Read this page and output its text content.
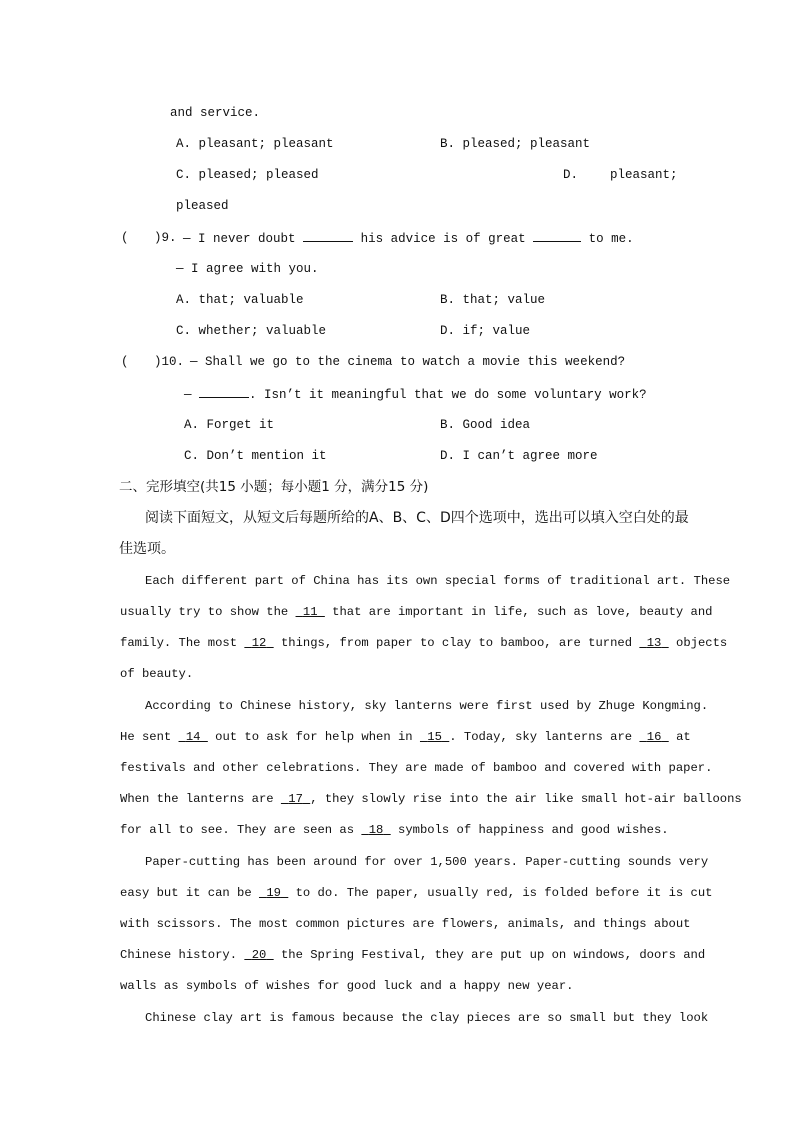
and service.
A. pleasant; pleasant	B. pleased; pleasant
C. pleased; pleased	D.	pleasant;
pleased
( )9. — I never doubt	his advice is of great	to me.
— I agree with you.
A. that; valuable	B. that; value
C. whether; valuable	D. if; value
( )10. — Shall we go to the cinema to watch a movie this weekend?
—	. Isn’t it meaningful that we do some voluntary work?
A. Forget it	B. Good idea
C. Don’t mention it	D. I can’t agree more
二、完形填空(共15 小题；每小题1 分，满分15 分)
阅读下面短文，从短文后每题所给的A、B、C、D四个选项中，选出可以填入空白处的最
佳选项。
Each different part of China has its own special forms of traditional art. These
usually try to show the 11 that are important in life, such as love, beauty and
family. The most 12 things, from paper to clay to bamboo, are turned 13 objects
of beauty.
According to Chinese history, sky lanterns were first used by Zhuge Kongming.
He sent 14 out to ask for help when in 15 . Today, sky lanterns are 16 at
festivals and other celebrations. They are made of bamboo and covered with paper.
When the lanterns are 17 , they slowly rise into the air like small hot-air balloons
for all to see. They are seen as 18 symbols of happiness and good wishes.
Paper-cutting has been around for over 1,500 years. Paper-cutting sounds very
easy but it can be 19 to do. The paper, usually red, is folded before it is cut
with scissors. The most common pictures are flowers, animals, and things about
Chinese history. 20 the Spring Festival, they are put up on windows, doors and
walls as symbols of wishes for good luck and a happy new year.
Chinese clay art is famous because the clay pieces are so small but they look
